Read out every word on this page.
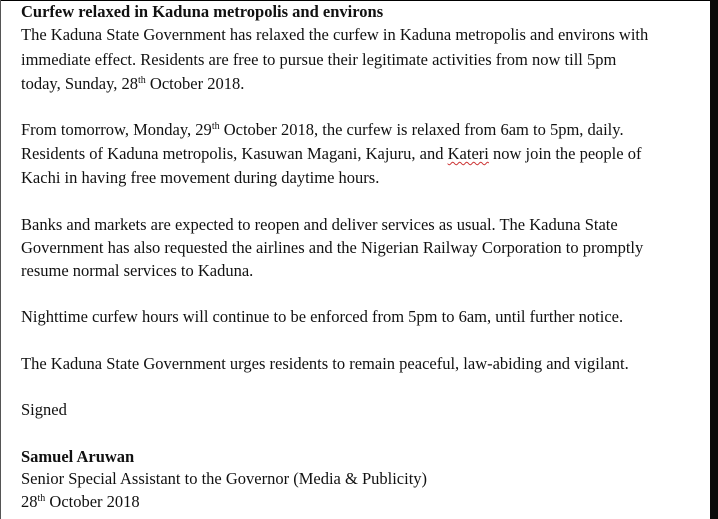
Curfew relaxed in Kaduna metropolis and environs
The Kaduna State Government has relaxed the curfew in Kaduna metropolis and environs with
immediate effect. Residents are free to pursue their legitimate activities from now till 5pm
today, Sunday, 28th October 2018.
From tomorrow, Monday, 29th October 2018, the curfew is relaxed from 6am to 5pm, daily.
Residents of Kaduna metropolis, Kasuwan Magani, Kajuru, and Kateri now join the people of
Kachi in having free movement during daytime hours.
Banks and markets are expected to reopen and deliver services as usual. The Kaduna State
Government has also requested the airlines and the Nigerian Railway Corporation to promptly
resume normal services to Kaduna.
Nighttime curfew hours will continue to be enforced from 5pm to 6am, until further notice.
The Kaduna State Government urges residents to remain peaceful, law-abiding and vigilant.
Signed
Samuel Aruwan
Senior Special Assistant to the Governor (Media & Publicity)
28th October 2018
